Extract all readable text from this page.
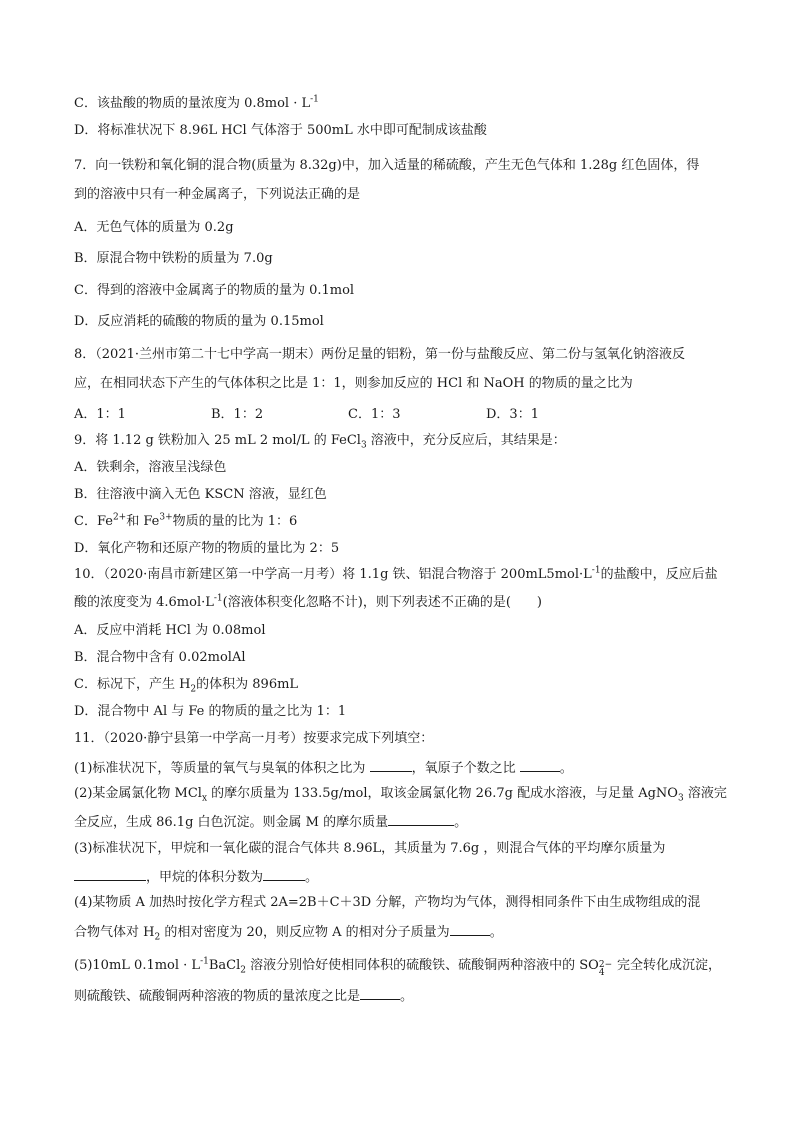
C．该盐酸的物质的量浓度为 $0.8mol \cdot L^{-1}$
D．将标准状况下 8.96L HCl 气体溶于 500mL 水中即可配制成该盐酸
7．向一铁粉和氧化铜的混合物(质量为 8.32g)中，加入适量的稀硫酸，产生无色气体和 1.28g 红色固体，得
到的溶液中只有一种金属离子，下列说法正确的是
A．无色气体的质量为 0.2g
B．原混合物中铁粉的质量为 7.0g
C．得到的溶液中金属离子的物质的量为 0.1mol
D．反应消耗的硫酸的物质的量为 0.15mol
8．（2021·兰州市第二十七中学高一期末）两份足量的铝粉，第一份与盐酸反应、第二份与氢氧化钠溶液反
应，在相同状态下产生的气体体积之比是 1：1，则参加反应的 HCl 和 NaOH 的物质的量之比为
A．1：1	B．1：2	C．1：3	D．3：1
9．将 1.12 g 铁粉加入 25 mL 2 mol/L 的 FeCl$_3$ 溶液中，充分反应后，其结果是：
A．铁剩余，溶液呈浅绿色
B．往溶液中滴入无色 KSCN 溶液，显红色
C．$Fe^{2+}$和 $Fe^{3+}$物质的量的比为 1：6
D．氧化产物和还原产物的物质的量比为 2：5
10．（2020·南昌市新建区第一中学高一月考）将 1.1g 铁、铝混合物溶于 $200mL5mol\cdot L^{-1}$的盐酸中，反应后盐
酸的浓度变为 $4.6mol\cdot L^{-1}$(溶液体积变化忽略不计)，则下列表述不正确的是(　　)
A．反应中消耗 HCl 为 0.08mol
B．混合物中含有 0.02molAl
C．标况下，产生 $H_2$的体积为 896mL
D．混合物中 Al 与 Fe 的物质的量之比为 1：1
11．（2020·静宁县第一中学高一月考）按要求完成下列填空：
(1)标准状况下，等质量的氧气与臭氧的体积之比为	，氧原子个数之比	。
(2)某金属氯化物 MCl$_x$ 的摩尔质量为 133.5g/mol，取该金属氯化物 26.7g 配成水溶液，与足量 AgNO$_3$ 溶液完
全反应，生成 86.1g 白色沉淀。则金属 M 的摩尔质量	。
(3)标准状况下，甲烷和一氧化碳的混合气体共 8.96L，其质量为 7.6g ，则混合气体的平均摩尔质量为
，甲烷的体积分数为	。
(4)某物质 A 加热时按化学方程式 2A=2B＋C＋3D 分解，产物均为气体，测得相同条件下由生成物组成的混
合物气体对 $H_2$ 的相对密度为 20，则反应物 A 的相对分子质量为	。
(5)10mL $0.1mol \cdot L^{-1}BaCl_2$ 溶液分别恰好使相同体积的硫酸铁、硫酸铜两种溶液中的 SO 2−
4 完全转化成沉淀，
则硫酸铁、硫酸铜两种溶液的物质的量浓度之比是	。
